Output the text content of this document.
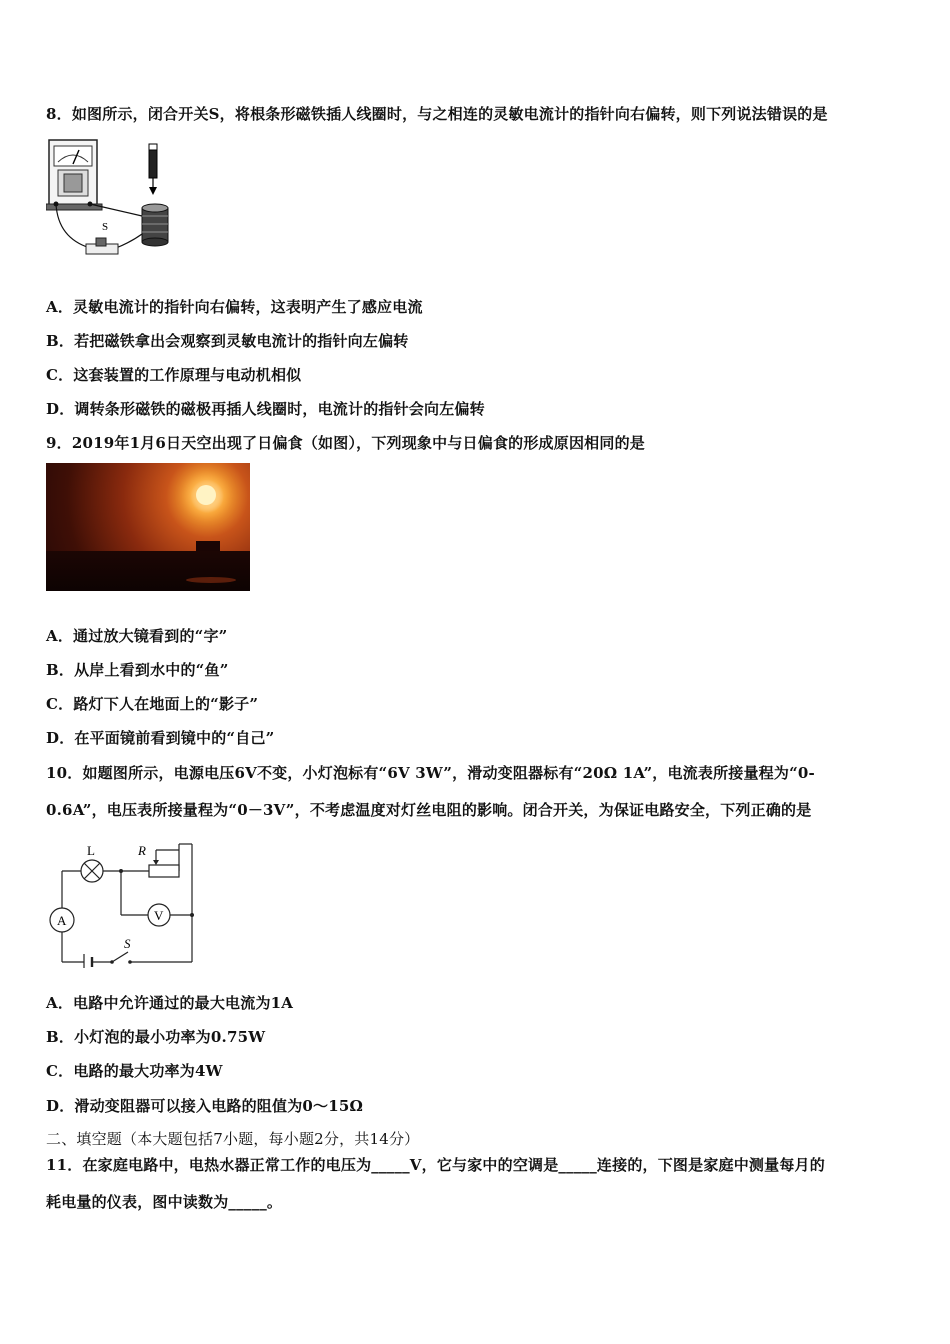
8．如图所示，闭合开关S，将根条形磁铁插人线圈时，与之相连的灵敏电流计的指针向右偏转，则下列说法错误的是
S
A．灵敏电流计的指针向右偏转，这表明产生了感应电流
B．若把磁铁拿出会观察到灵敏电流计的指针向左偏转
C．这套装置的工作原理与电动机相似
D．调转条形磁铁的磁极再插人线圈时，电流计的指针会向左偏转
9．2019年1月6日天空出现了日偏食（如图），下列现象中与日偏食的形成原因相同的是
A．通过放大镜看到的“字”
B．从岸上看到水中的“鱼”
C．路灯下人在地面上的“影子”
D．在平面镜前看到镜中的“自己”
10．如题图所示，电源电压6V不变，小灯泡标有“6V 3W”，滑动变阻器标有“20Ω 1A”，电流表所接量程为“0-
0.6A”，电压表所接量程为“0－3V”，不考虑温度对灯丝电阻的影响。闭合开关，为保证电路安全，下列正确的是
L	R
V
A
S
A．电路中允许通过的最大电流为1A
B．小灯泡的最小功率为0.75W
C．电路的最大功率为4W
D．滑动变阻器可以接入电路的阻值为0～15Ω
二、填空题（本大题包括7小题，每小题2分，共14分）
11．在家庭电路中，电热水器正常工作的电压为_____V，它与家中的空调是_____连接的，下图是家庭中测量每月的
耗电量的仪表，图中读数为_____。
